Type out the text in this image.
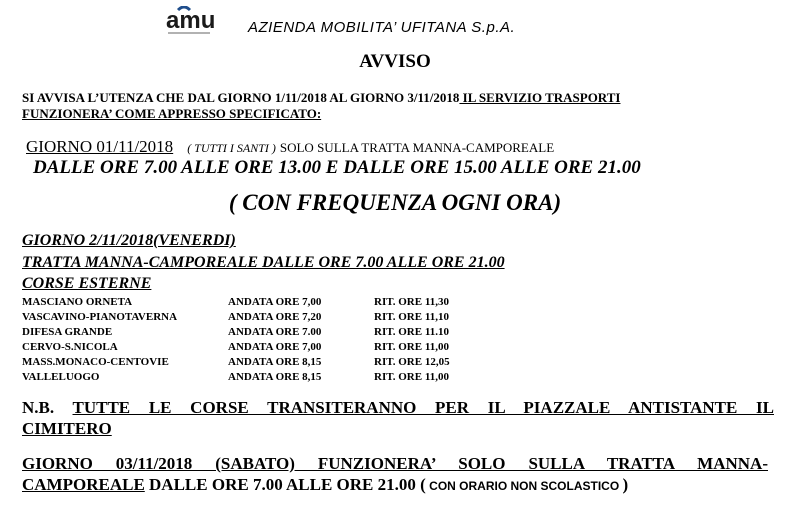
amu AZIENDA MOBILITA’ UFITANA S.p.A.
AVVISO
SI AVVISA L’UTENZA CHE DAL GIORNO 1/11/2018 AL GIORNO 3/11/2018 IL SERVIZIO TRASPORTI
FUNZIONERA’ COME APPRESSO SPECIFICATO:
GIORNO 01/11/2018 ( TUTTI I SANTI ) SOLO SULLA TRATTA MANNA-CAMPOREALE
DALLE ORE 7.00 ALLE ORE 13.00 E DALLE ORE 15.00 ALLE ORE 21.00
( CON FREQUENZA OGNI ORA)
GIORNO 2/11/2018(VENERDI)
TRATTA MANNA-CAMPOREALE DALLE ORE 7.00 ALLE ORE 21.00
CORSE ESTERNE
MASCIANO ORNETA	ANDATA ORE 7,00	RIT. ORE 11,30
VASCAVINO-PIANOTAVERNA	ANDATA ORE 7,20	RIT. ORE 11,10
DIFESA GRANDE	ANDATA ORE 7.00	RIT. ORE 11.10
CERVO-S.NICOLA	ANDATA ORE 7,00	RIT. ORE 11,00
MASS.MONACO-CENTOVIE	ANDATA ORE 8,15	RIT. ORE 12,05
VALLELUOGO	ANDATA ORE 8,15	RIT. ORE 11,00
N.B. TUTTE LE CORSE TRANSITERANNO PER IL PIAZZALE ANTISTANTE IL
CIMITERO
GIORNO 03/11/2018 (SABATO) FUNZIONERA’ SOLO SULLA TRATTA MANNA-
CAMPOREALE DALLE ORE 7.00 ALLE ORE 21.00 ( CON ORARIO NON SCOLASTICO )
